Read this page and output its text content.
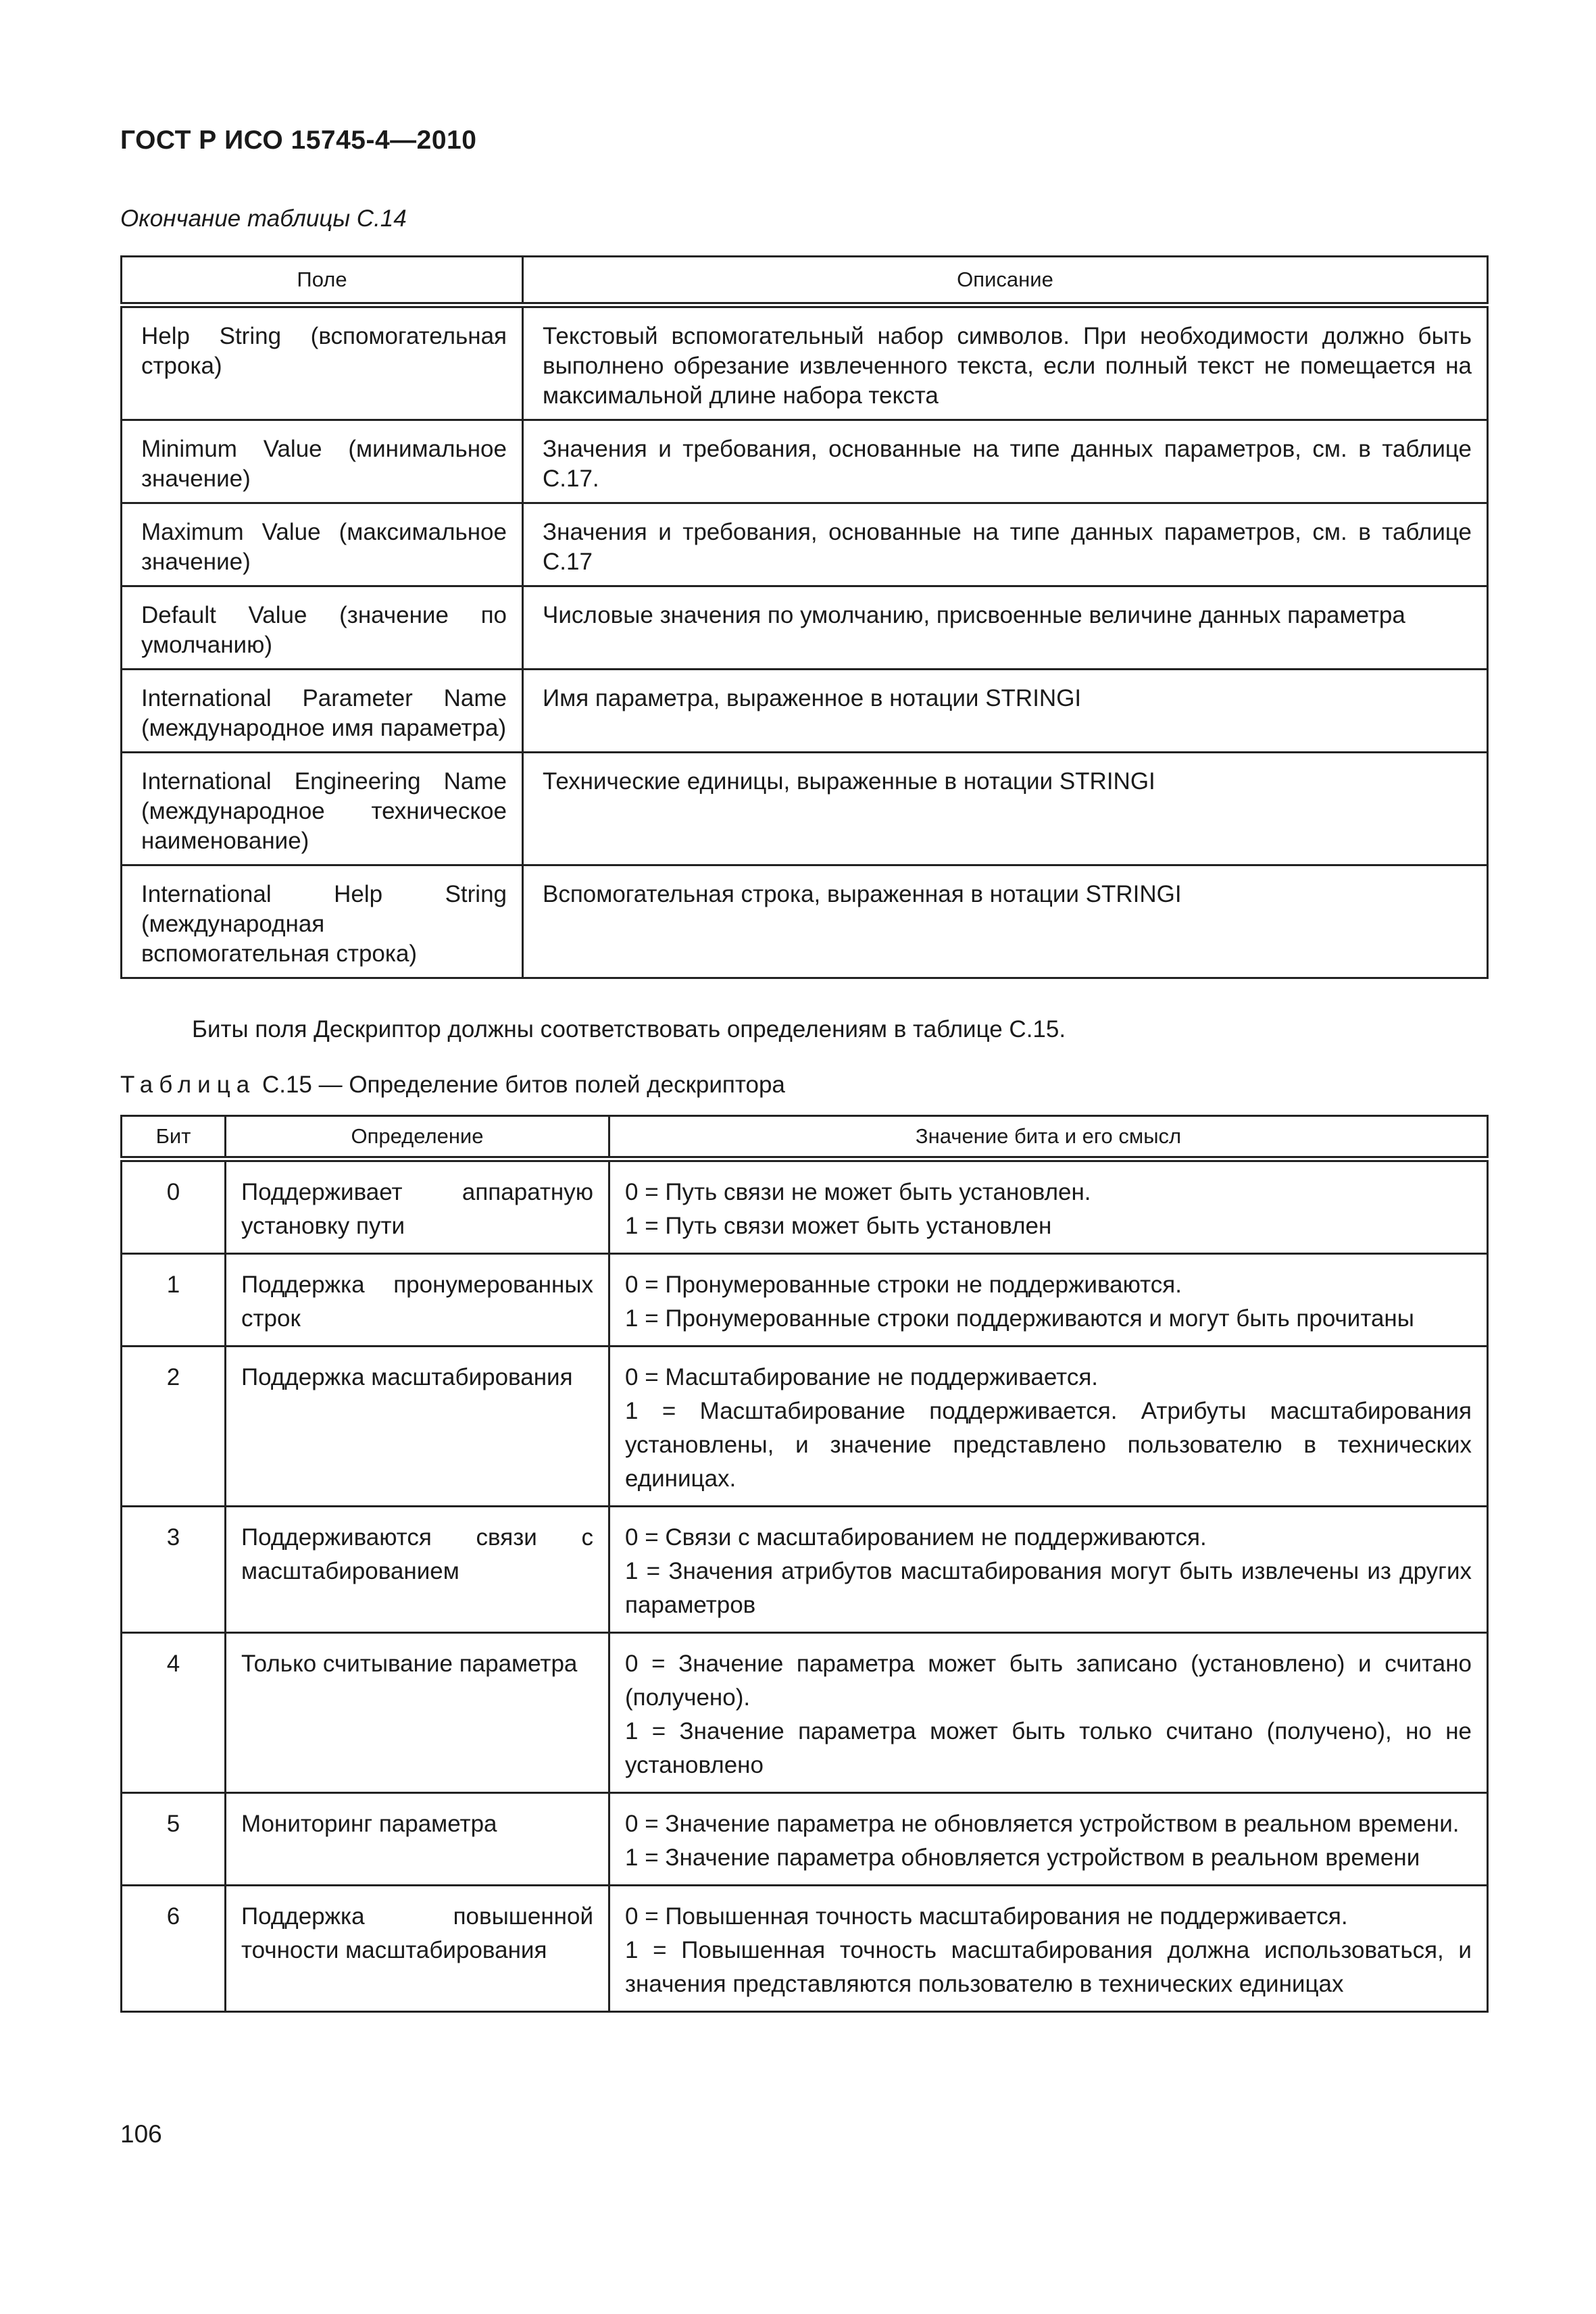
ГОСТ Р ИСО 15745-4—2010
Окончание таблицы С.14
Поле	Описание
Help String (вспомогательная строка)	Текстовый вспомогательный набор символов. При необходимости должно быть выполнено обрезание извлеченного текста, если полный текст не помещается на максимальной длине набора текста
Minimum Value (минимальное значение)	Значения и требования, основанные на типе данных параметров, см. в таблице С.17.
Maximum Value (максимальное значение)	Значения и требования, основанные на типе данных параметров, см. в таблице С.17
Default Value (значение по умолчанию)	Числовые значения по умолчанию, присвоенные величине данных параметра
International Parameter Name (международное имя параметра)	Имя параметра, выраженное в нотации STRINGI
International Engineering Name (международное техническое наименование)	Технические единицы, выраженные в нотации STRINGI
International Help String (международная вспомогательная строка)	Вспомогательная строка, выраженная в нотации STRINGI
Биты поля Дескриптор должны соответствовать определениям в таблице С.15.
Таблица С.15 — Определение битов полей дескриптора
Бит	Определение	Значение бита и его смысл
0	Поддерживает аппаратную установку пути	0 = Путь связи не может быть установлен.
1 = Путь связи может быть установлен

1	Поддержка пронумерованных строк	0 = Пронумерованные строки не поддерживаются.
1 = Пронумерованные строки поддерживаются и могут быть прочитаны

2	Поддержка масштабирования	0 = Масштабирование не поддерживается.
1 = Масштабирование поддерживается. Атрибуты масштабирования установлены, и значение представлено пользователю в технических единицах.

3	Поддерживаются связи с масштабированием	0 = Связи с масштабированием не поддерживаются.
1 = Значения атрибутов масштабирования могут быть извлечены из других параметров

4	Только считывание параметра	0 = Значение параметра может быть записано (установлено) и считано (получено).
1 = Значение параметра может быть только считано (получено), но не установлено

5	Мониторинг параметра	0 = Значение параметра не обновляется устройством в реальном времени.
1 = Значение параметра обновляется устройством в реальном времени

6	Поддержка повышенной точности масштабирования	0 = Повышенная точность масштабирования не поддерживается.
1 = Повышенная точность масштабирования должна использоваться, и значения представляются пользователю в технических единицах
106
